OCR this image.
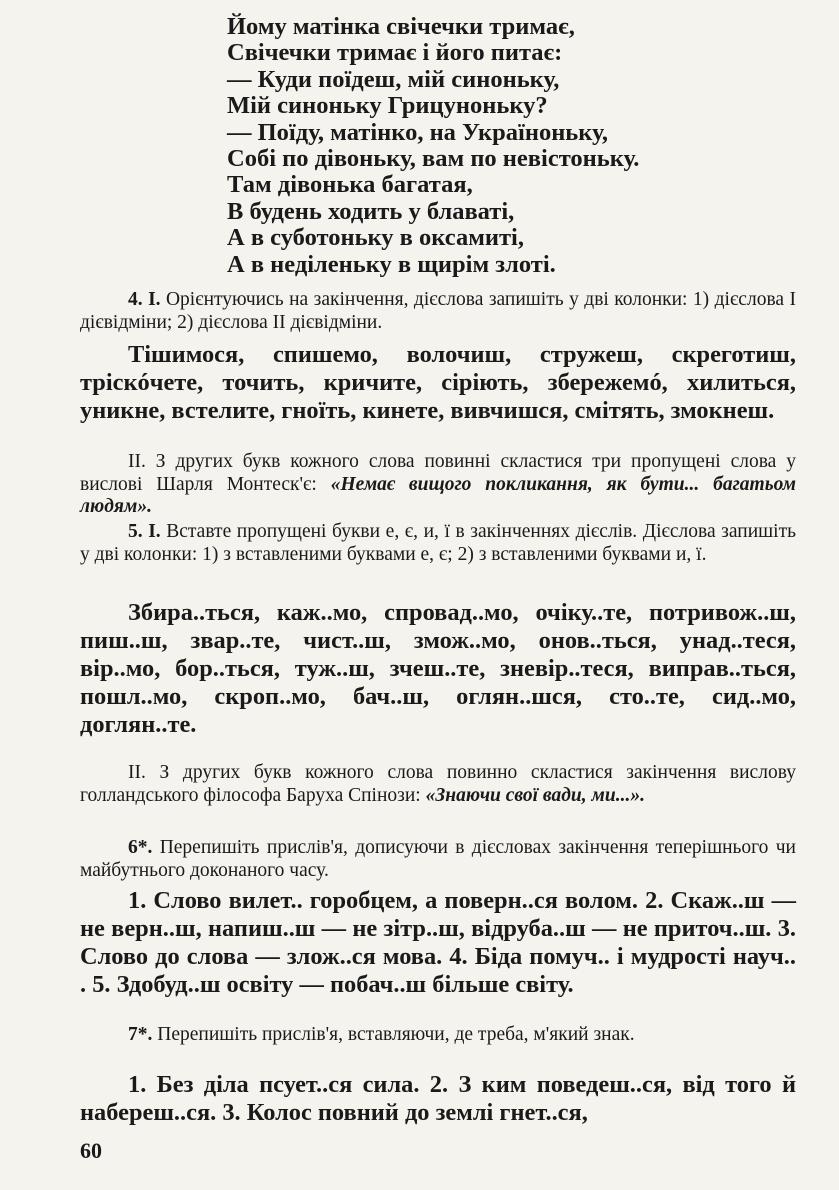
Йому матінка свічечки тримає,
Свічечки тримає і його питає:
— Куди поїдеш, мій синоньку,
Мій синоньку Грицуноньку?
— Поїду, матінко, на Україноньку,
Собі по дівоньку, вам по невістоньку.
Там дівонька багатая,
В будень ходить у блаваті,
А в суботоньку в оксамиті,
А в неділеньку в щирім злоті.

4. I. Орієнтуючись на закінчення, дієслова запишіть у дві колонки: 1) дієслова I дієвідміни; 2) дієслова II дієвідміни.

Тішимося, спишемо, волочиш, стружеш, скреготиш, тріскóчете, точить, кричите, сіріють, збережемó, хилиться, уникне, встелите, гноїть, кинете, вивчишся, смітять, змокнеш.

II. З других букв кожного слова повинні скластися три пропущені слова у вислові Шарля Монтеск'є: «Немає вищого покликання, як бути... багатьом людям».

5. I. Вставте пропущені букви е, є, и, ї в закінченнях дієслів. Дієслова запишіть у дві колонки: 1) з вставленими буквами е, є; 2) з вставленими буквами и, ї.

Збира..ться, каж..мо, спровад..мо, очіку..те, потривож..ш, пиш..ш, звар..те, чист..ш, змож..мо, онов..ться, унад..теся, вір..мо, бор..ться, туж..ш, зчеш..те, зневір..теся, виправ..ться, пошл..мо, скроп..мо, бач..ш, оглян..шся, сто..те, сид..мо, доглян..те.

II. З других букв кожного слова повинно скластися закінчення вислову голландського філософа Баруха Спінози: «Знаючи свої вади, ми...».

6*. Перепишіть прислів'я, дописуючи в дієсловах закінчення теперішнього чи майбутнього доконаного часу.

1. Слово вилет.. горобцем, а поверн..ся волом. 2. Скаж..ш — не верн..ш, напиш..ш — не зітр..ш, відруба..ш — не приточ..ш. 3. Слово до слова — злож..ся мова. 4. Біда помуч.. і мудрості науч.. . 5. Здобуд..ш освіту — побач..ш більше світу.

7*. Перепишіть прислів'я, вставляючи, де треба, м'який знак.

1. Без діла псует..ся сила. 2. З ким поведеш..ся, від того й набереш..ся. 3. Колос повний до землі гнет..ся,

60
